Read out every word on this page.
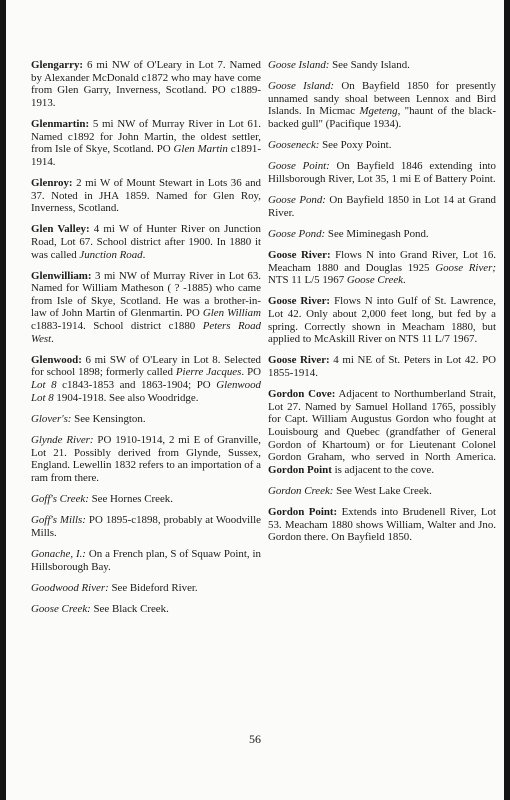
Glengarry: 6 mi NW of O'Leary in Lot 7. Named by Alexander McDonald c1872 who may have come from Glen Garry, Inverness, Scotland. PO c1889-1913.

Glenmartin: 5 mi NW of Murray River in Lot 61. Named c1892 for John Martin, the oldest settler, from Isle of Skye, Scotland. PO Glen Martin c1891-1914.

Glenroy: 2 mi W of Mount Stewart in Lots 36 and 37. Noted in JHA 1859. Named for Glen Roy, Inverness, Scotland.

Glen Valley: 4 mi W of Hunter River on Junction Road, Lot 67. School district after 1900. In 1880 it was called Junction Road.

Glenwilliam: 3 mi NW of Murray River in Lot 63. Named for William Matheson ( ? -1885) who came from Isle of Skye, Scotland. He was a brother-in-law of John Martin of Glenmartin. PO Glen William c1883-1914. School district c1880 Peters Road West.

Glenwood: 6 mi SW of O'Leary in Lot 8. Selected for school 1898; formerly called Pierre Jacques. PO Lot 8 c1843-1853 and 1863-1904; PO Glenwood Lot 8 1904-1918. See also Woodridge.

Glover's: See Kensington.

Glynde River: PO 1910-1914, 2 mi E of Granville, Lot 21. Possibly derived from Glynde, Sussex, England. Lewellin 1832 refers to an importation of a ram from there.

Goff's Creek: See Hornes Creek.

Goff's Mills: PO 1895-c1898, probably at Woodville Mills.

Gonache, I.: On a French plan, S of Squaw Point, in Hillsborough Bay.

Goodwood River: See Bideford River.

Goose Creek: See Black Creek.

Goose Island: See Sandy Island.

Goose Island: On Bayfield 1850 for presently unnamed sandy shoal between Lennox and Bird Islands. In Micmac Mgeteng, "haunt of the black-backed gull" (Pacifique 1934).

Gooseneck: See Poxy Point.

Goose Point: On Bayfield 1846 extending into Hillsborough River, Lot 35, 1 mi E of Battery Point.

Goose Pond: On Bayfield 1850 in Lot 14 at Grand River.

Goose Pond: See Miminegash Pond.

Goose River: Flows N into Grand River, Lot 16. Meacham 1880 and Douglas 1925 Goose River; NTS 11 L/5 1967 Goose Creek.

Goose River: Flows N into Gulf of St. Lawrence, Lot 42. Only about 2,000 feet long, but fed by a spring. Correctly shown in Meacham 1880, but applied to McAskill River on NTS 11 L/7 1967.

Goose River: 4 mi NE of St. Peters in Lot 42. PO 1855-1914.

Gordon Cove: Adjacent to Northumberland Strait, Lot 27. Named by Samuel Holland 1765, possibly for Capt. William Augustus Gordon who fought at Louisbourg and Quebec (grandfather of General Gordon of Khartoum) or for Lieutenant Colonel Gordon Graham, who served in North America. Gordon Point is adjacent to the cove.

Gordon Creek: See West Lake Creek.

Gordon Point: Extends into Brudenell River, Lot 53. Meacham 1880 shows William, Walter and Jno. Gordon there. On Bayfield 1850.

56
